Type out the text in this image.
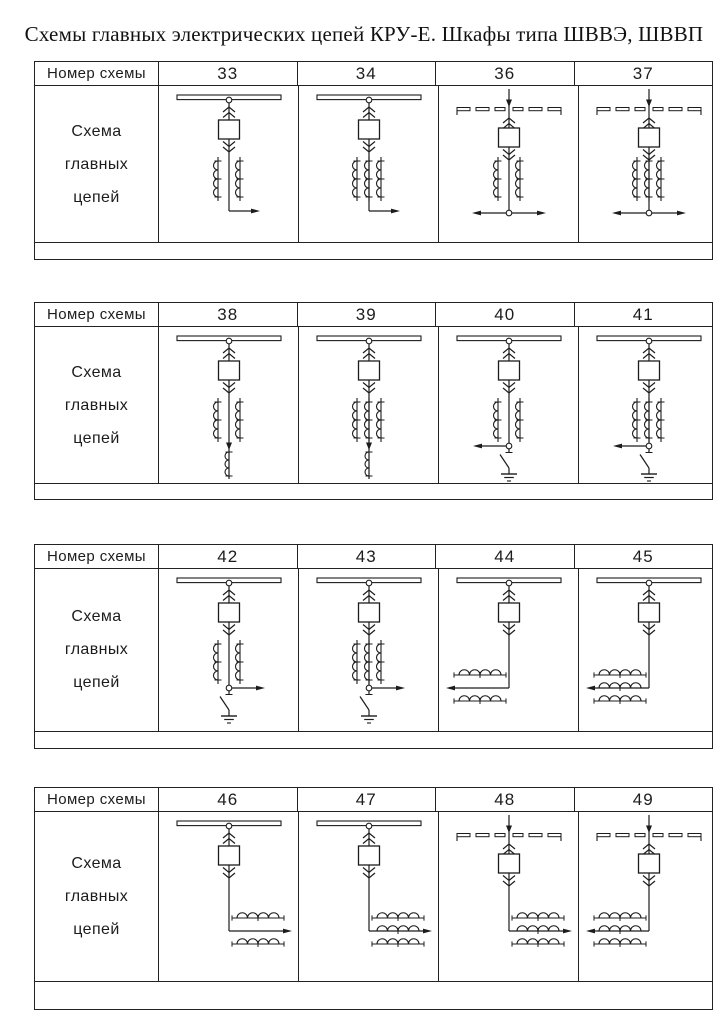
Схемы главных электрических цепей КРУ-Е. Шкафы типа ШВВЭ, ШВВП
Номер схемы	33	34	36	37
Схема
главных
цепей
Номер схемы	38	39	40	41
Схема
главных
цепей
Номер схемы	42	43	44	45
Схема
главных
цепей
Номер схемы	46	47	48	49
Схема
главных
цепей
